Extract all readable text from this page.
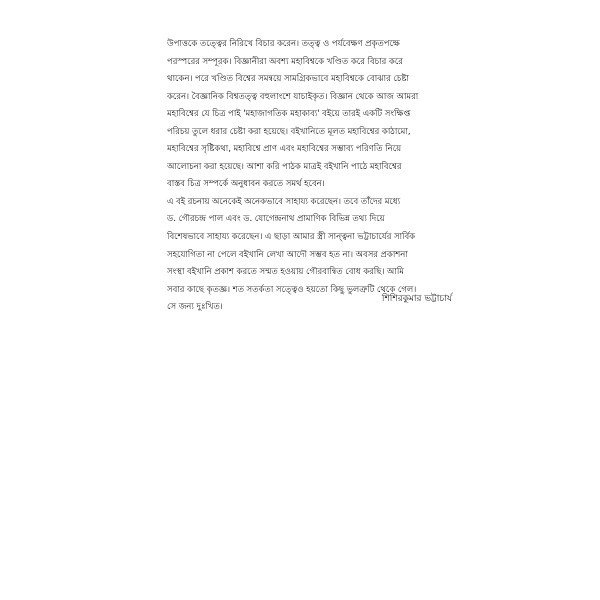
উপাত্তকে তত্ত্বের নিরিখে বিচার করেন। তত্ত্ব ও পর্যবেক্ষণ প্রকৃতপক্ষে
পরস্পরের সম্পূরক। বিজ্ঞানীরা অবশ্য মহাবিশ্বকে খণ্ডিত করে বিচার করে
থাকেন। পরে খণ্ডিত বিশ্বের সমন্বয়ে সামগ্রিকভাবে মহাবিশ্বকে বোঝার চেষ্টা
করেন। বৈজ্ঞানিক বিশ্বতত্ত্ব বহুলাংশে যাচাইকৃত। বিজ্ঞান থেকে আজ আমরা
মহাবিশ্বের যে চিত্র পাই 'মহাজাগতিক মহাকাব্য' বইয়ে তারই একটি সংক্ষিপ্ত
পরিচয় তুলে ধরার চেষ্টা করা হয়েছে। বইখানিতে মূলত মহাবিশ্বের কাঠামো,
মহাবিশ্বের সৃষ্টিকথা, মহাবিশ্বে প্রাণ এবং মহাবিশ্বের সম্ভাব্য পরিণতি নিয়ে
আলোচনা করা হয়েছে। আশা করি পাঠক মাত্রই বইখানি পাঠে মহাবিশ্বের
বাস্তব চিত্র সম্পর্কে অনুধাবন করতে সমর্থ হবেন।
এ বই রচনায় অনেকেই অনেকভাবে সাহায্য করেছেন। তবে তাঁদের মধ্যে
ড. গৌরচন্দ্র পাল এবং ড. যোগেন্দ্রনাথ প্রামাণিক বিভিন্ন তথ্য দিয়ে
বিশেষভাবে সাহায্য করেছেন। এ ছাড়া আমার স্ত্রী সান্ত্বনা ভট্টাচার্যের সার্বিক
সহযোগিতা না পেলে বইখানি লেখা আদৌ সম্ভব হত না। অবসর প্রকাশনা
সংস্থা বইখানি প্রকাশ করতে সম্মত হওয়ায় গৌরবান্বিত বোধ করছি। আমি
সবার কাছে কৃতজ্ঞ। শত সতর্কতা সত্ত্বেও হয়তো কিছু ভুলত্রুটি থেকে গেল।
সে জন্য দুঃখিত।
শিশিরকুমার ভট্টাচার্য
